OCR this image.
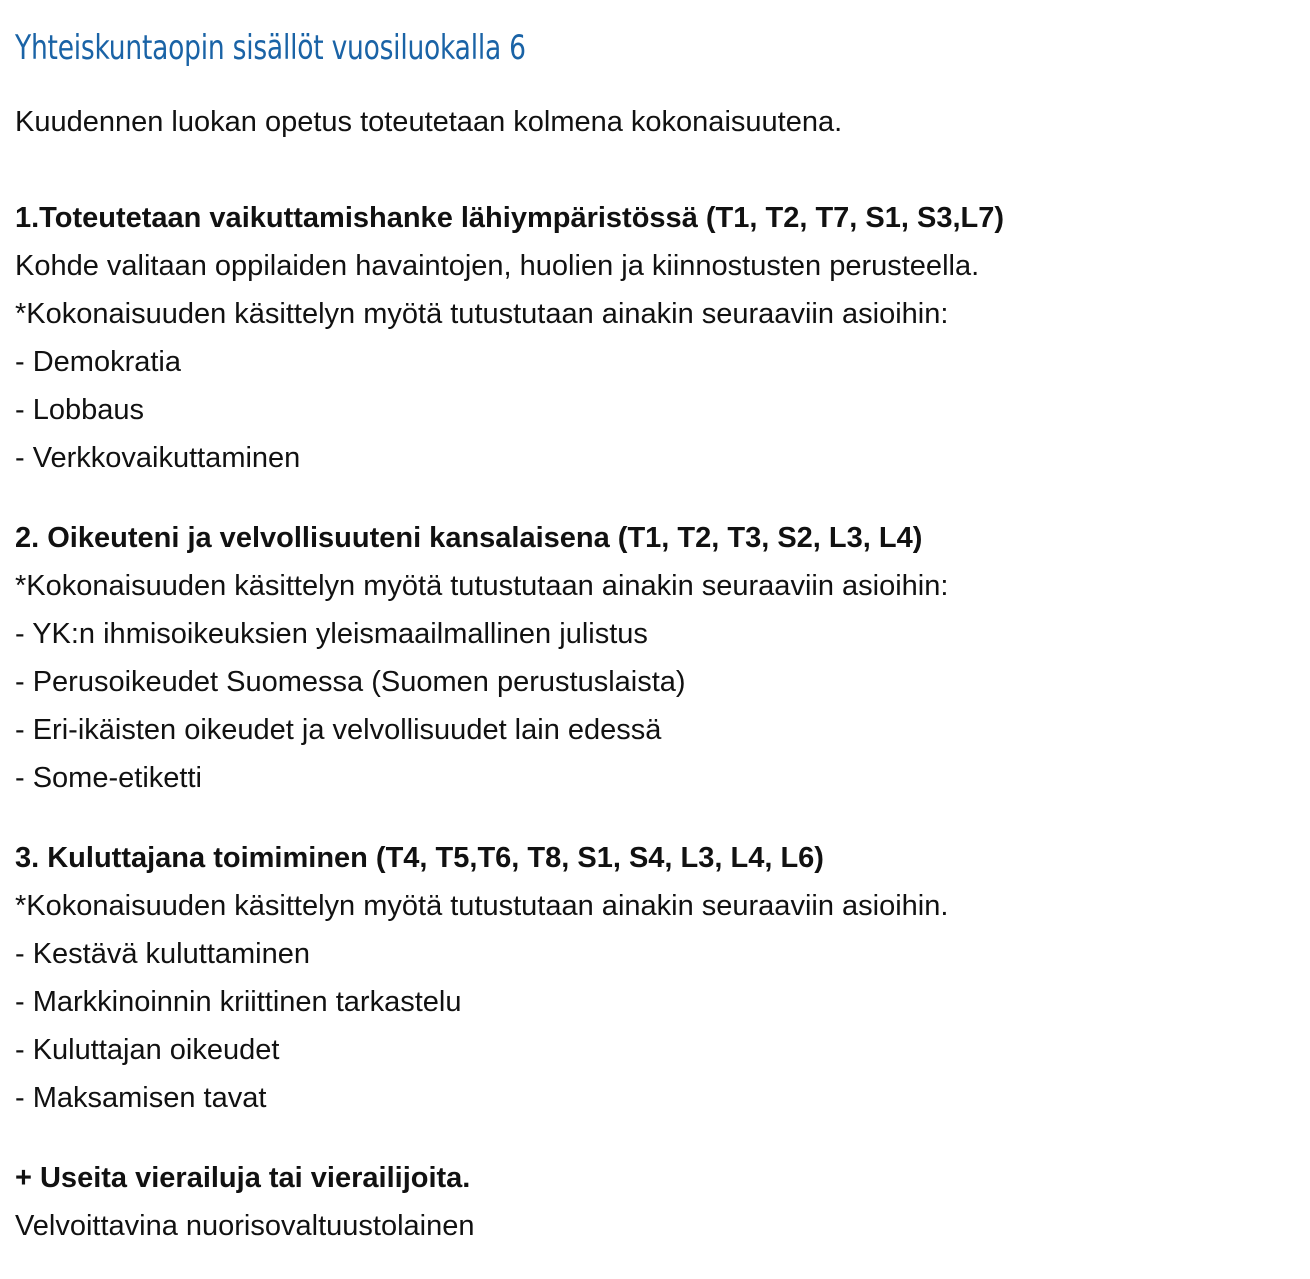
Yhteiskuntaopin sisällöt vuosiluokalla 6

Kuudennen luokan opetus toteutetaan kolmena kokonaisuutena.

1.Toteutetaan vaikuttamishanke lähiympäristössä (T1, T2, T7, S1, S3,L7)

Kohde valitaan oppilaiden havaintojen, huolien ja kiinnostusten perusteella.

*Kokonaisuuden käsittelyn myötä tutustutaan ainakin seuraaviin asioihin:

- Demokratia
- Lobbaus
- Verkkovaikuttaminen

2. Oikeuteni ja velvollisuuteni kansalaisena (T1, T2, T3, S2, L3, L4)

*Kokonaisuuden käsittelyn myötä tutustutaan ainakin seuraaviin asioihin:

- YK:n ihmisoikeuksien yleismaailmallinen julistus
- Perusoikeudet Suomessa (Suomen perustuslaista)
- Eri-ikäisten oikeudet ja velvollisuudet lain edessä
- Some-etiketti

3. Kuluttajana toimiminen (T4, T5,T6, T8, S1, S4, L3, L4, L6)

*Kokonaisuuden käsittelyn myötä tutustutaan ainakin seuraaviin asioihin.

- Kestävä kuluttaminen
- Markkinoinnin kriittinen tarkastelu
- Kuluttajan oikeudet
- Maksamisen tavat

+ Useita vierailuja tai vierailijoita.

Velvoittavina nuorisovaltuustolainen
